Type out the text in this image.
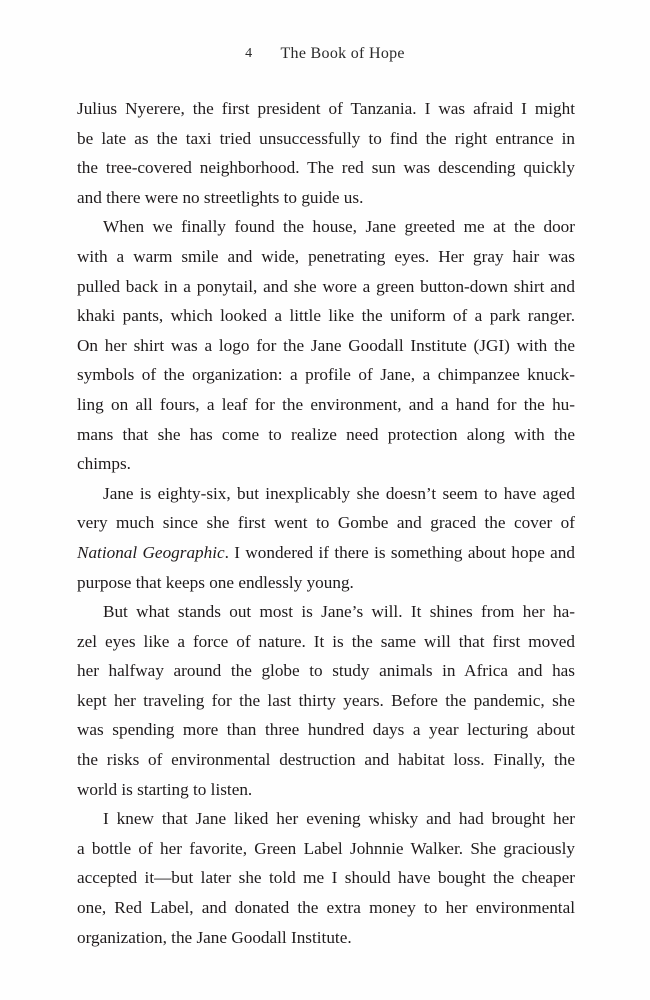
4 The Book of Hope
Julius Nyerere, the first president of Tanzania. I was afraid I might
be late as the taxi tried unsuccessfully to find the right entrance in
the tree-covered neighborhood. The red sun was descending quickly
and there were no streetlights to guide us.
When we finally found the house, Jane greeted me at the door
with a warm smile and wide, penetrating eyes. Her gray hair was
pulled back in a ponytail, and she wore a green button-down shirt and
khaki pants, which looked a little like the uniform of a park ranger.
On her shirt was a logo for the Jane Goodall Institute (JGI) with the
symbols of the organization: a profile of Jane, a chimpanzee knuck-
ling on all fours, a leaf for the environment, and a hand for the hu-
mans that she has come to realize need protection along with the
chimps.
Jane is eighty-six, but inexplicably she doesn’t seem to have aged
very much since she first went to Gombe and graced the cover of
National Geographic. I wondered if there is something about hope and
purpose that keeps one endlessly young.
But what stands out most is Jane’s will. It shines from her ha-
zel eyes like a force of nature. It is the same will that first moved
her halfway around the globe to study animals in Africa and has
kept her traveling for the last thirty years. Before the pandemic, she
was spending more than three hundred days a year lecturing about
the risks of environmental destruction and habitat loss. Finally, the
world is starting to listen.
I knew that Jane liked her evening whisky and had brought her
a bottle of her favorite, Green Label Johnnie Walker. She graciously
accepted it—but later she told me I should have bought the cheaper
one, Red Label, and donated the extra money to her environmental
organization, the Jane Goodall Institute.
